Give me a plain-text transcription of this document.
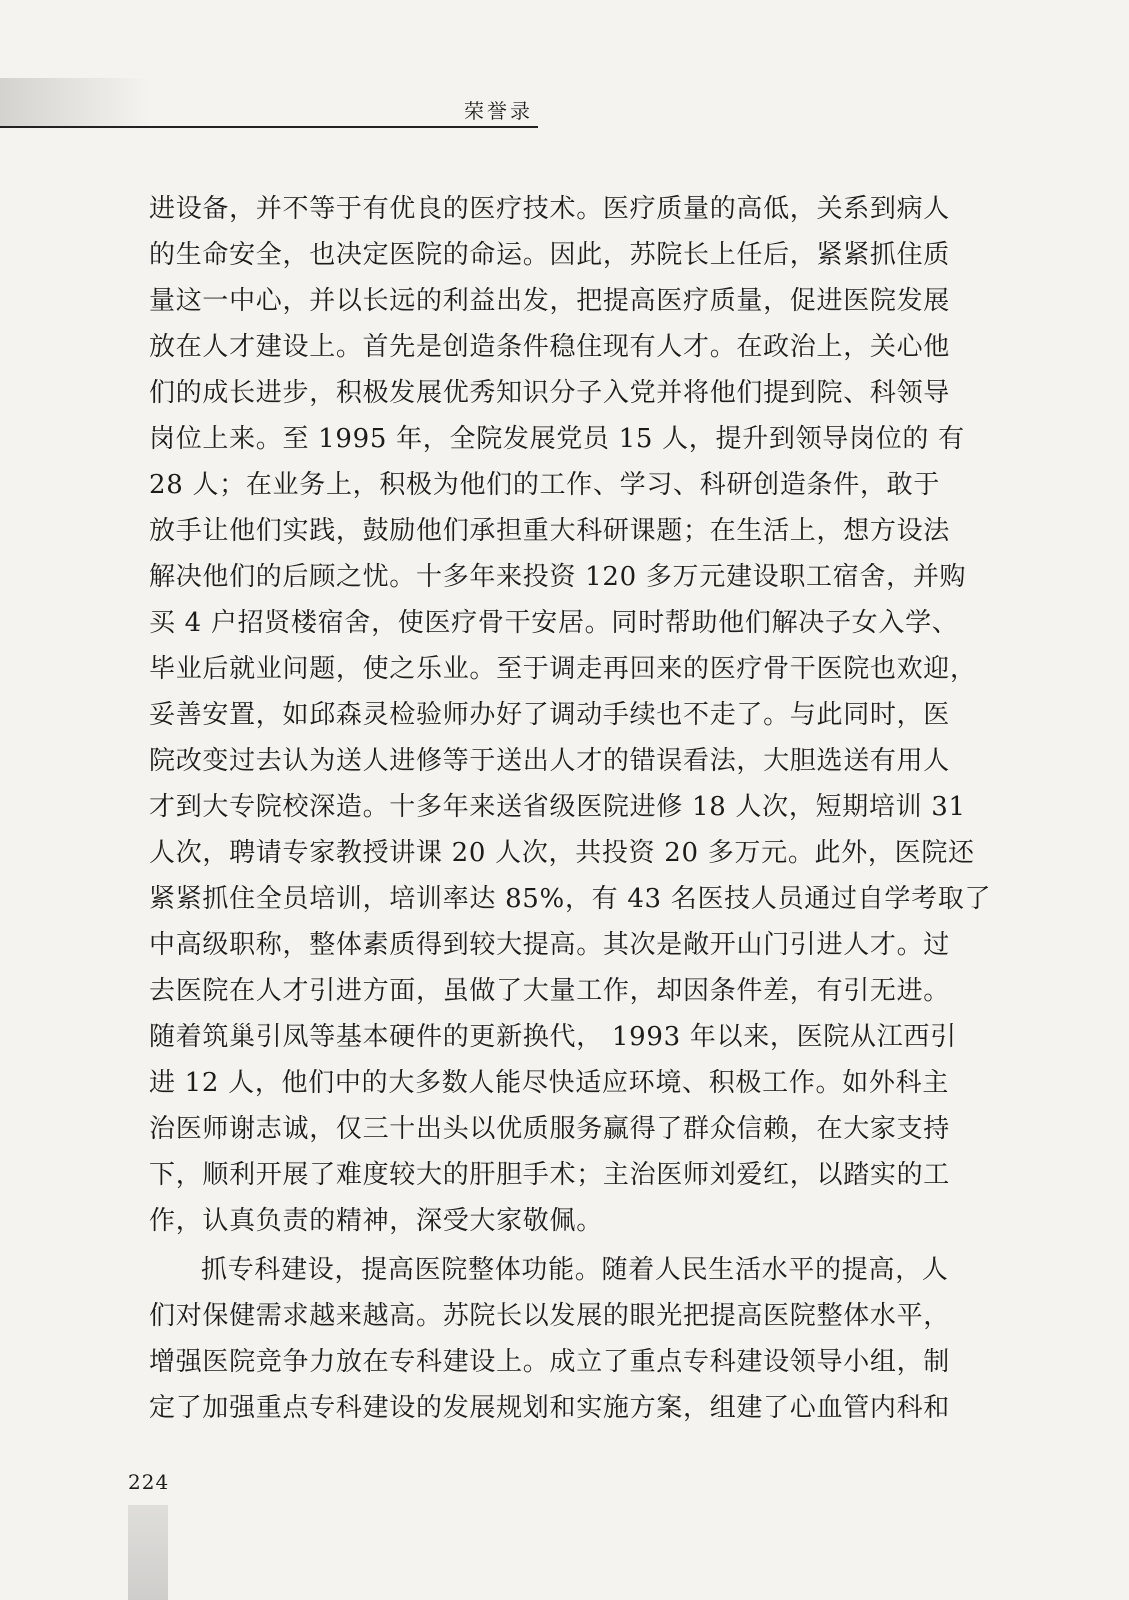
荣誉录
进设备，并不等于有优良的医疗技术。医疗质量的高低，关系到病人
的生命安全，也决定医院的命运。因此，苏院长上任后，紧紧抓住质
量这一中心，并以长远的利益出发，把提高医疗质量，促进医院发展
放在人才建设上。首先是创造条件稳住现有人才。在政治上，关心他
们的成长进步，积极发展优秀知识分子入党并将他们提到院、科领导
岗位上来。至 1995 年，全院发展党员 15 人，提升到领导岗位的 有
28 人；在业务上，积极为他们的工作、学习、科研创造条件，敢于
放手让他们实践，鼓励他们承担重大科研课题；在生活上，想方设法
解决他们的后顾之忧。十多年来投资 120 多万元建设职工宿舍，并购
买 4 户招贤楼宿舍，使医疗骨干安居。同时帮助他们解决子女入学、
毕业后就业问题，使之乐业。至于调走再回来的医疗骨干医院也欢迎，
妥善安置，如邱森灵检验师办好了调动手续也不走了。与此同时，医
院改变过去认为送人进修等于送出人才的错误看法，大胆选送有用人
才到大专院校深造。十多年来送省级医院进修 18 人次，短期培训 31
人次，聘请专家教授讲课 20 人次，共投资 20 多万元。此外，医院还
紧紧抓住全员培训，培训率达 85%，有 43 名医技人员通过自学考取了
中高级职称，整体素质得到较大提高。其次是敞开山门引进人才。过
去医院在人才引进方面，虽做了大量工作，却因条件差，有引无进。
随着筑巢引凤等基本硬件的更新换代， 1993 年以来，医院从江西引
进 12 人，他们中的大多数人能尽快适应环境、积极工作。如外科主
治医师谢志诚，仅三十出头以优质服务赢得了群众信赖，在大家支持
下，顺利开展了难度较大的肝胆手术；主治医师刘爱红，以踏实的工
作，认真负责的精神，深受大家敬佩。
抓专科建设，提高医院整体功能。随着人民生活水平的提高，人
们对保健需求越来越高。苏院长以发展的眼光把提高医院整体水平，
增强医院竞争力放在专科建设上。成立了重点专科建设领导小组，制
定了加强重点专科建设的发展规划和实施方案，组建了心血管内科和
224
